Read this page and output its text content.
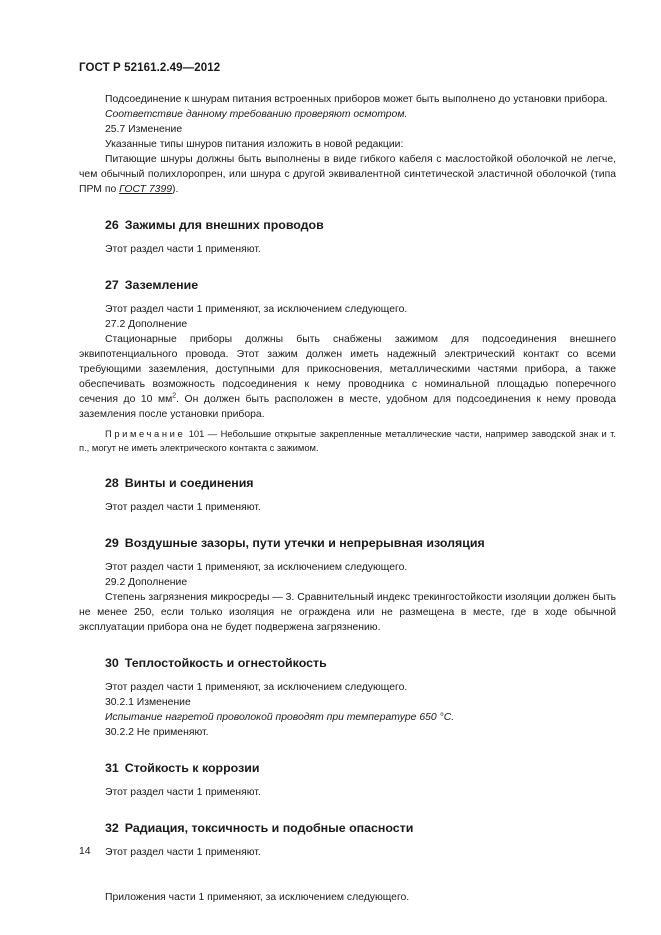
ГОСТ Р 52161.2.49—2012

Подсоединение к шнурам питания встроенных приборов может быть выполнено до установки прибора.

Соответствие данному требованию проверяют осмотром.

25.7 Изменение

Указанные типы шнуров питания изложить в новой редакции:

Питающие шнуры должны быть выполнены в виде гибкого кабеля с маслостойкой оболочкой не легче, чем обычный полихлоропрен, или шнура с другой эквивалентной синтетической эластичной оболочкой (типа ПРМ по ГОСТ 7399).

26 Зажимы для внешних проводов

Этот раздел части 1 применяют.

27 Заземление

Этот раздел части 1 применяют, за исключением следующего.

27.2 Дополнение

Стационарные приборы должны быть снабжены зажимом для подсоединения внешнего эквипотенциального провода. Этот зажим должен иметь надежный электрический контакт со всеми требующими заземления, доступными для прикосновения, металлическими частями прибора, а также обеспечивать возможность подсоединения к нему проводника с номинальной площадью поперечного сечения до 10 $мм^2$. Он должен быть расположен в месте, удобном для подсоединения к нему провода заземления после установки прибора.

Примечание 101 — Небольшие открытые закрепленные металлические части, например заводской знак и т. п., могут не иметь электрического контакта с зажимом.

28 Винты и соединения

Этот раздел части 1 применяют.

29 Воздушные зазоры, пути утечки и непрерывная изоляция

Этот раздел части 1 применяют, за исключением следующего.

29.2 Дополнение

Степень загрязнения микросреды — 3. Сравнительный индекс трекингостойкости изоляции должен быть не менее 250, если только изоляция не ограждена или не размещена в месте, где в ходе обычной эксплуатации прибора она не будет подвержена загрязнению.

30 Теплостойкость и огнестойкость

Этот раздел части 1 применяют, за исключением следующего.

30.2.1 Изменение

Испытание нагретой проволокой проводят при температуре 650 °С.

30.2.2 Не применяют.

31 Стойкость к коррозии

Этот раздел части 1 применяют.

32 Радиация, токсичность и подобные опасности

Этот раздел части 1 применяют.

Приложения части 1 применяют, за исключением следующего.

14
